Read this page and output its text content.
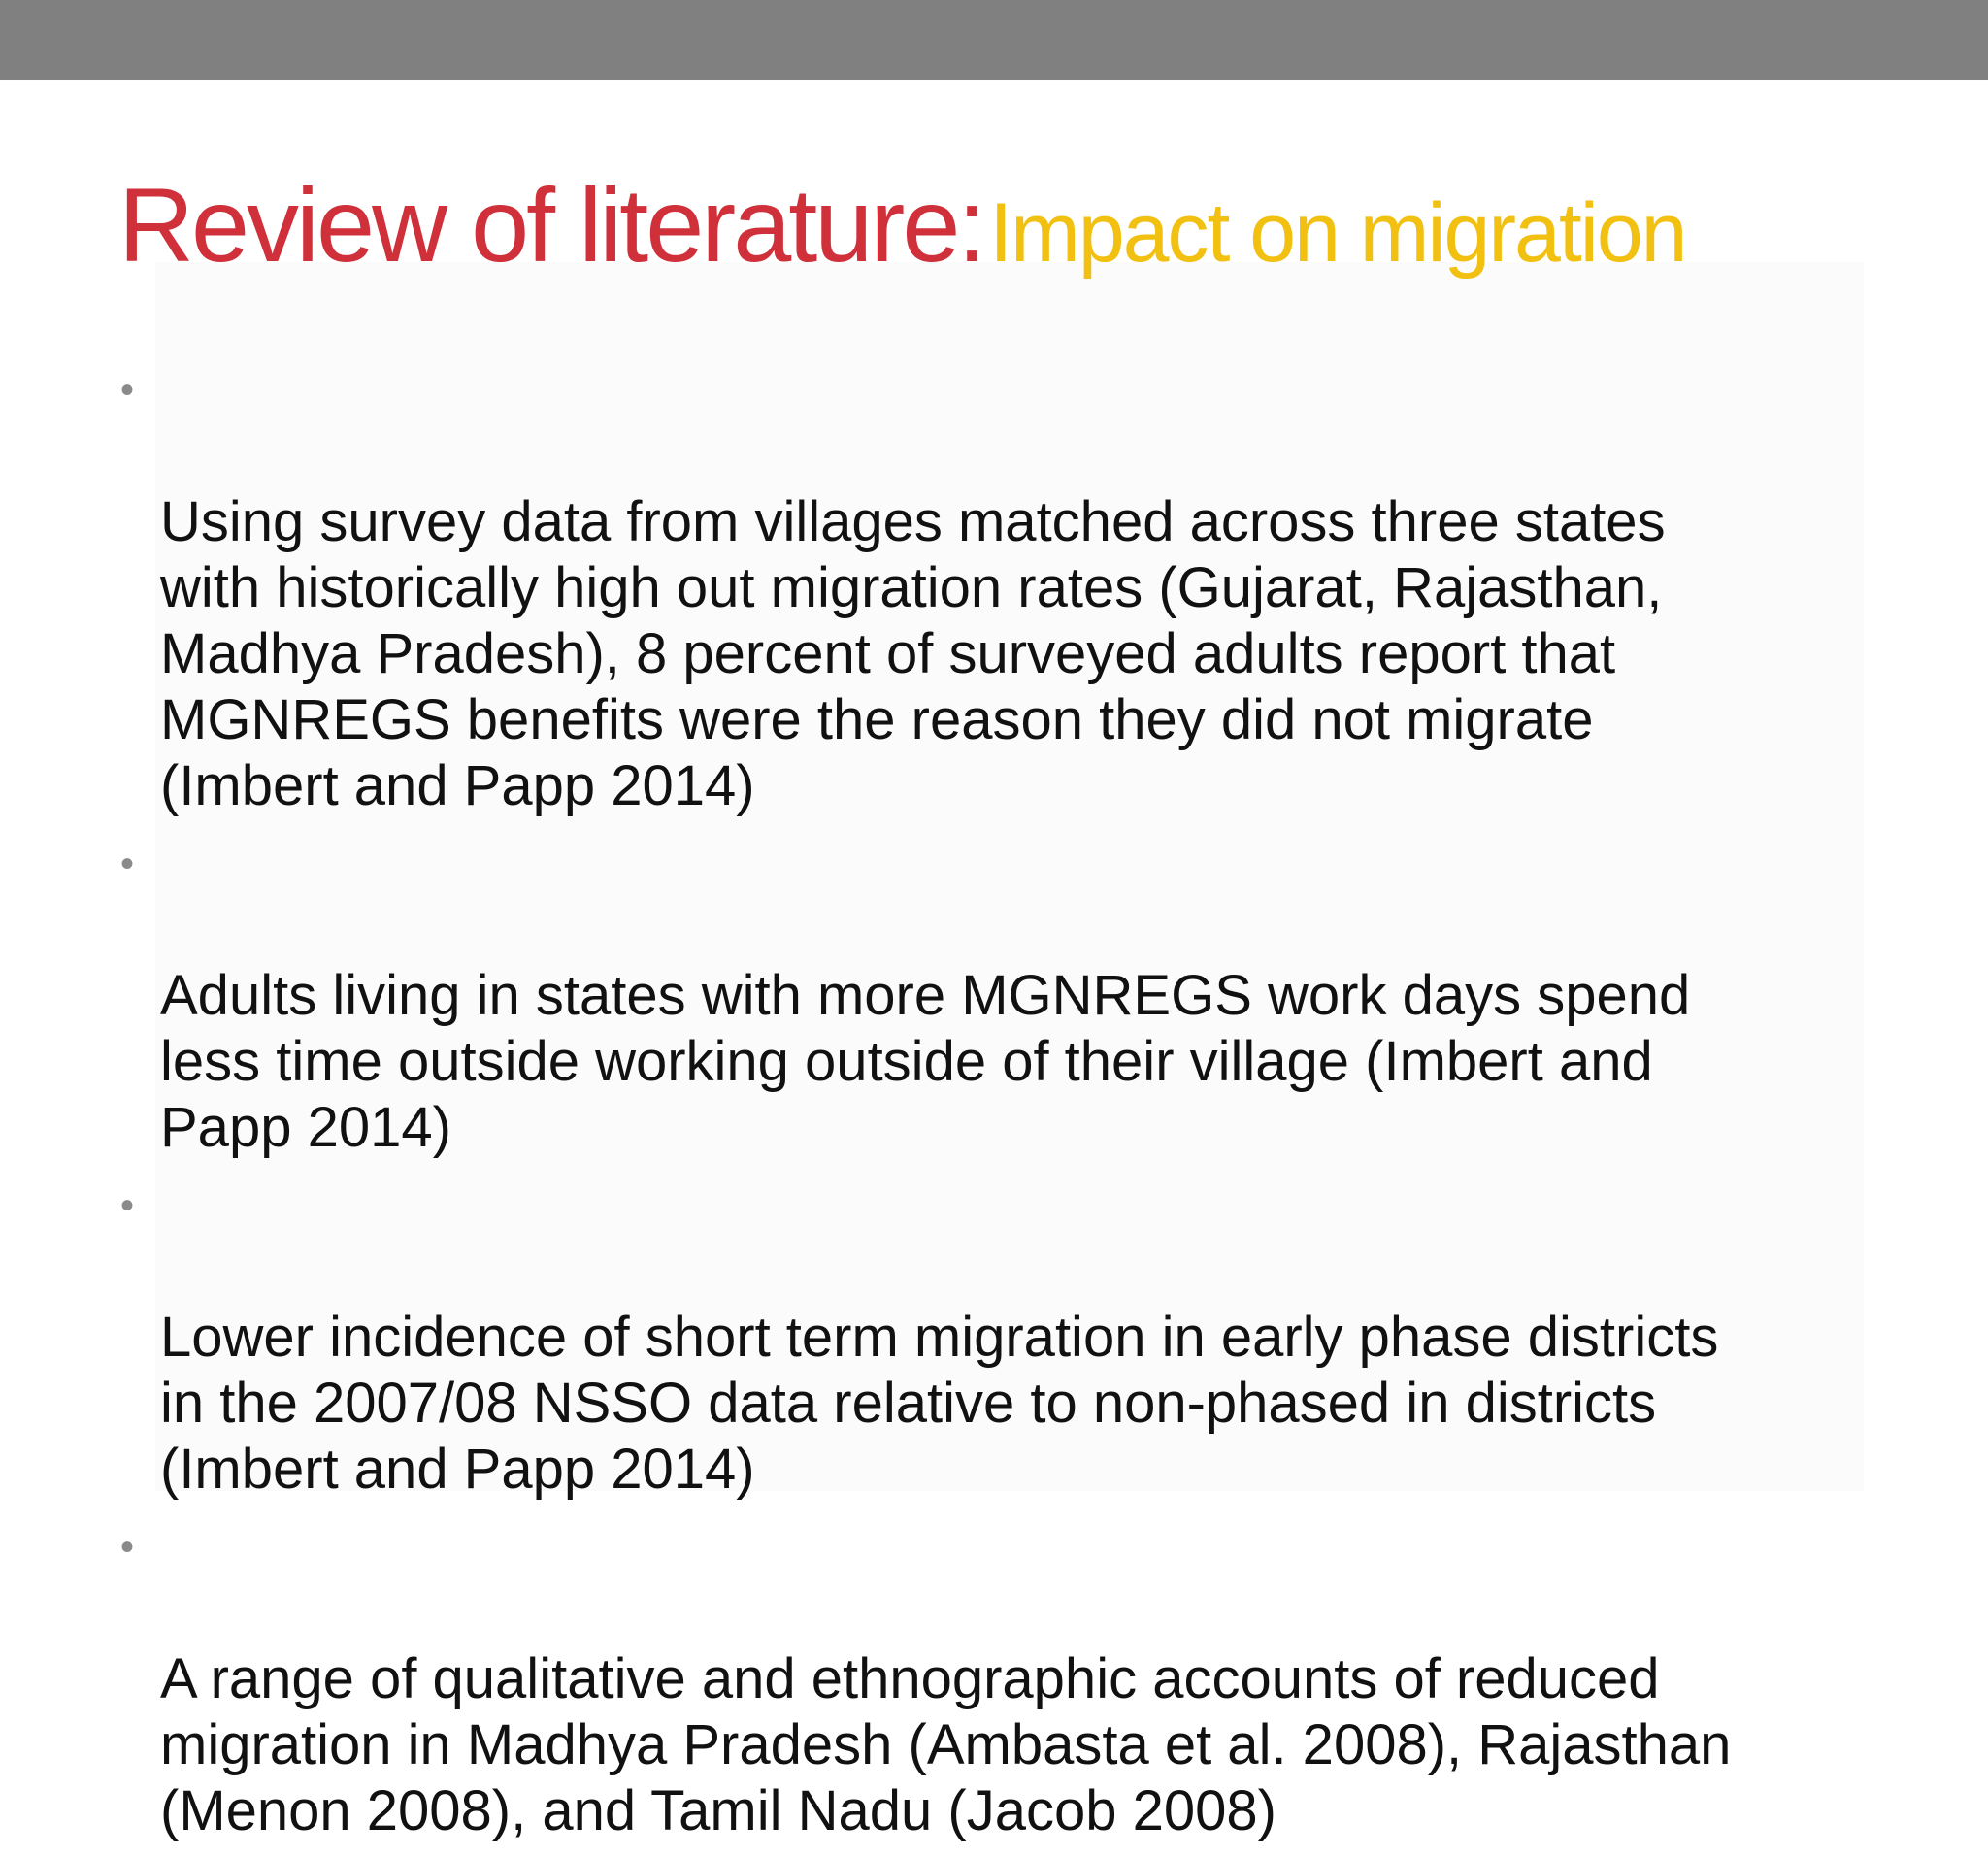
Review of literature: Impact on migration

•

Using survey data from villages matched across three states
with historically high out migration rates (Gujarat, Rajasthan,
Madhya Pradesh), 8 percent of surveyed adults report that
MGNREGS benefits were the reason they did not migrate
(Imbert and Papp 2014)

•

Adults living in states with more MGNREGS work days spend
less time outside working outside of their village (Imbert and
Papp 2014)

•

Lower incidence of short term migration in early phase districts
in the 2007/08 NSSO data relative to non-phased in districts
(Imbert and Papp 2014)

•

A range of qualitative and ethnographic accounts of reduced
migration in Madhya Pradesh (Ambasta et al. 2008), Rajasthan
(Menon 2008), and Tamil Nadu (Jacob 2008)
